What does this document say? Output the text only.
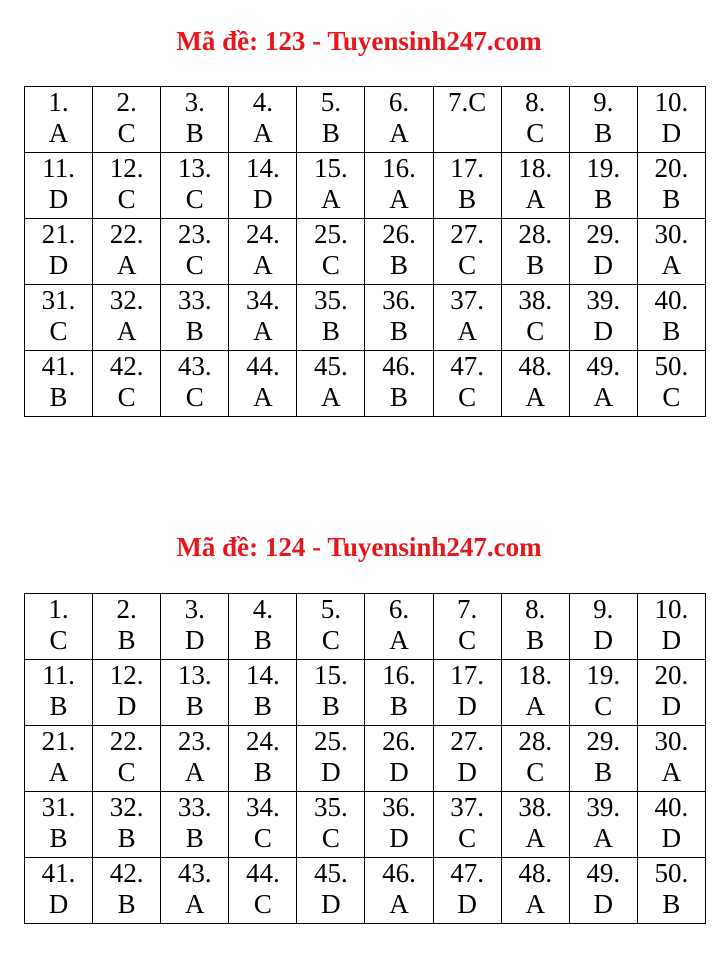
Mã đề: 123 - Tuyensinh247.com
1.
A	2.
C	3.
B	4.
A	5.
B	6.
A	7.C	8.
C	9.
B	10.
D

11.
D	12.
C	13.
C	14.
D	15.
A	16.
A	17.
B	18.
A	19.
B	20.
B

21.
D	22.
A	23.
C	24.
A	25.
C	26.
B	27.
C	28.
B	29.
D	30.
A

31.
C	32.
A	33.
B	34.
A	35.
B	36.
B	37.
A	38.
C	39.
D	40.
B

41.
B	42.
C	43.
C	44.
A	45.
A	46.
B	47.
C	48.
A	49.
A	50.
C
Mã đề: 124 - Tuyensinh247.com
1.
C	2.
B	3.
D	4.
B	5.
C	6.
A	7.
C	8.
B	9.
D	10.
D

11.
B	12.
D	13.
B	14.
B	15.
B	16.
B	17.
D	18.
A	19.
C	20.
D

21.
A	22.
C	23.
A	24.
B	25.
D	26.
D	27.
D	28.
C	29.
B	30.
A

31.
B	32.
B	33.
B	34.
C	35.
C	36.
D	37.
C	38.
A	39.
A	40.
D

41.
D	42.
B	43.
A	44.
C	45.
D	46.
A	47.
D	48.
A	49.
D	50.
B
